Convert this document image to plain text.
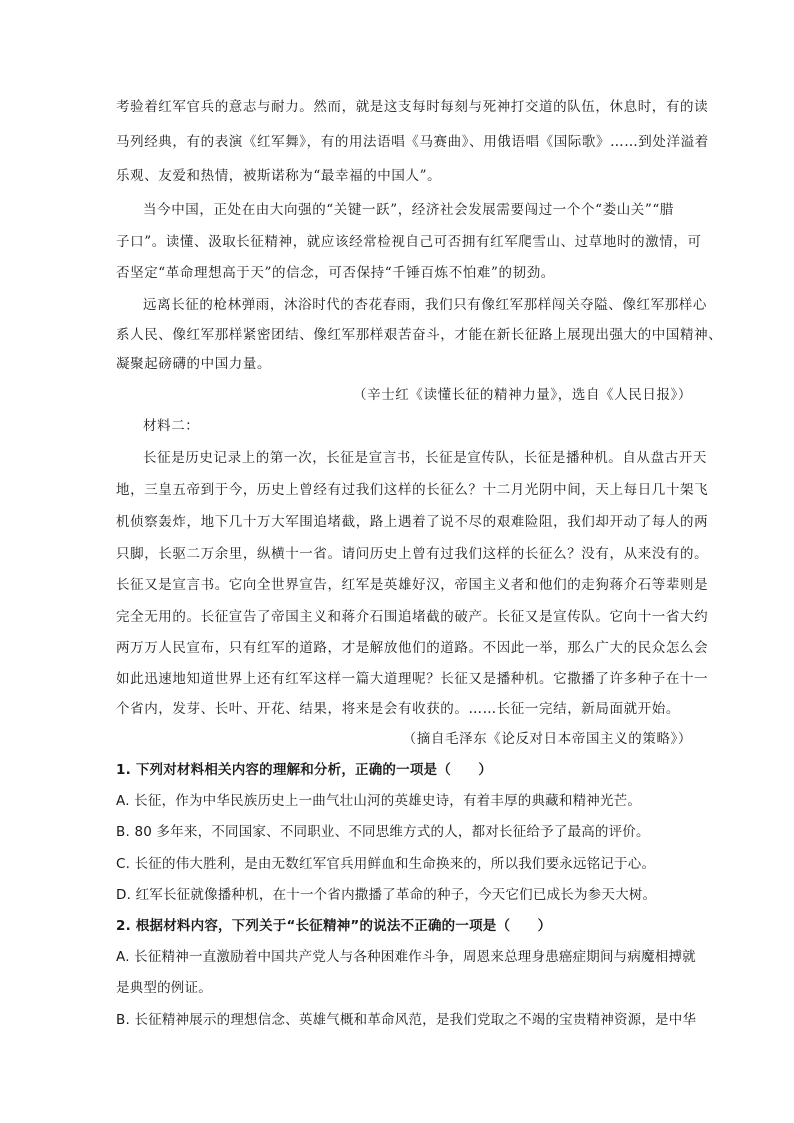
考验着红军官兵的意志与耐力。然而，就是这支每时每刻与死神打交道的队伍，休息时，有的读
马列经典，有的表演《红军舞》，有的用法语唱《马赛曲》、用俄语唱《国际歌》……到处洋溢着
乐观、友爱和热情，被斯诺称为“最幸福的中国人”。
当今中国，正处在由大向强的“关键一跃”，经济社会发展需要闯过一个个“娄山关”“腊
子口”。读懂、汲取长征精神，就应该经常检视自己可否拥有红军爬雪山、过草地时的激情，可
否坚定“革命理想高于天”的信念，可否保持“千锤百炼不怕难”的韧劲。
远离长征的枪林弹雨，沐浴时代的杏花春雨，我们只有像红军那样闯关夺隘、像红军那样心
系人民、像红军那样紧密团结、像红军那样艰苦奋斗，才能在新长征路上展现出强大的中国精神、
凝聚起磅礴的中国力量。
（辛士红《读懂长征的精神力量》，选自《人民日报》）
材料二：
长征是历史记录上的第一次，长征是宣言书，长征是宣传队，长征是播种机。自从盘古开天
地，三皇五帝到于今，历史上曾经有过我们这样的长征么？十二月光阴中间，天上每日几十架飞
机侦察轰炸，地下几十万大军围追堵截，路上遇着了说不尽的艰难险阻，我们却开动了每人的两
只脚，长驱二万余里，纵横十一省。请问历史上曾有过我们这样的长征么？没有，从来没有的。
长征又是宣言书。它向全世界宣告，红军是英雄好汉，帝国主义者和他们的走狗蒋介石等辈则是
完全无用的。长征宣告了帝国主义和蒋介石围追堵截的破产。长征又是宣传队。它向十一省大约
两万万人民宣布，只有红军的道路，才是解放他们的道路。不因此一举，那么广大的民众怎么会
如此迅速地知道世界上还有红军这样一篇大道理呢？长征又是播种机。它撒播了许多种子在十一
个省内，发芽、长叶、开花、结果，将来是会有收获的。……长征一完结，新局面就开始。
（摘自毛泽东《论反对日本帝国主义的策略》）
1. 下列对材料相关内容的理解和分析，正确的一项是（　　）
A. 长征，作为中华民族历史上一曲气壮山河的英雄史诗，有着丰厚的典藏和精神光芒。
B. 80 多年来，不同国家、不同职业、不同思维方式的人，都对长征给予了最高的评价。
C. 长征的伟大胜利，是由无数红军官兵用鲜血和生命换来的，所以我们要永远铭记于心。
D. 红军长征就像播种机，在十一个省内撒播了革命的种子，今天它们已成长为参天大树。
2. 根据材料内容，下列关于“长征精神”的说法不正确的一项是（　　）
A. 长征精神一直激励着中国共产党人与各种困难作斗争，周恩来总理身患癌症期间与病魔相搏就
是典型的例证。
B. 长征精神展示的理想信念、英雄气概和革命风范，是我们党取之不竭的宝贵精神资源，是中华
